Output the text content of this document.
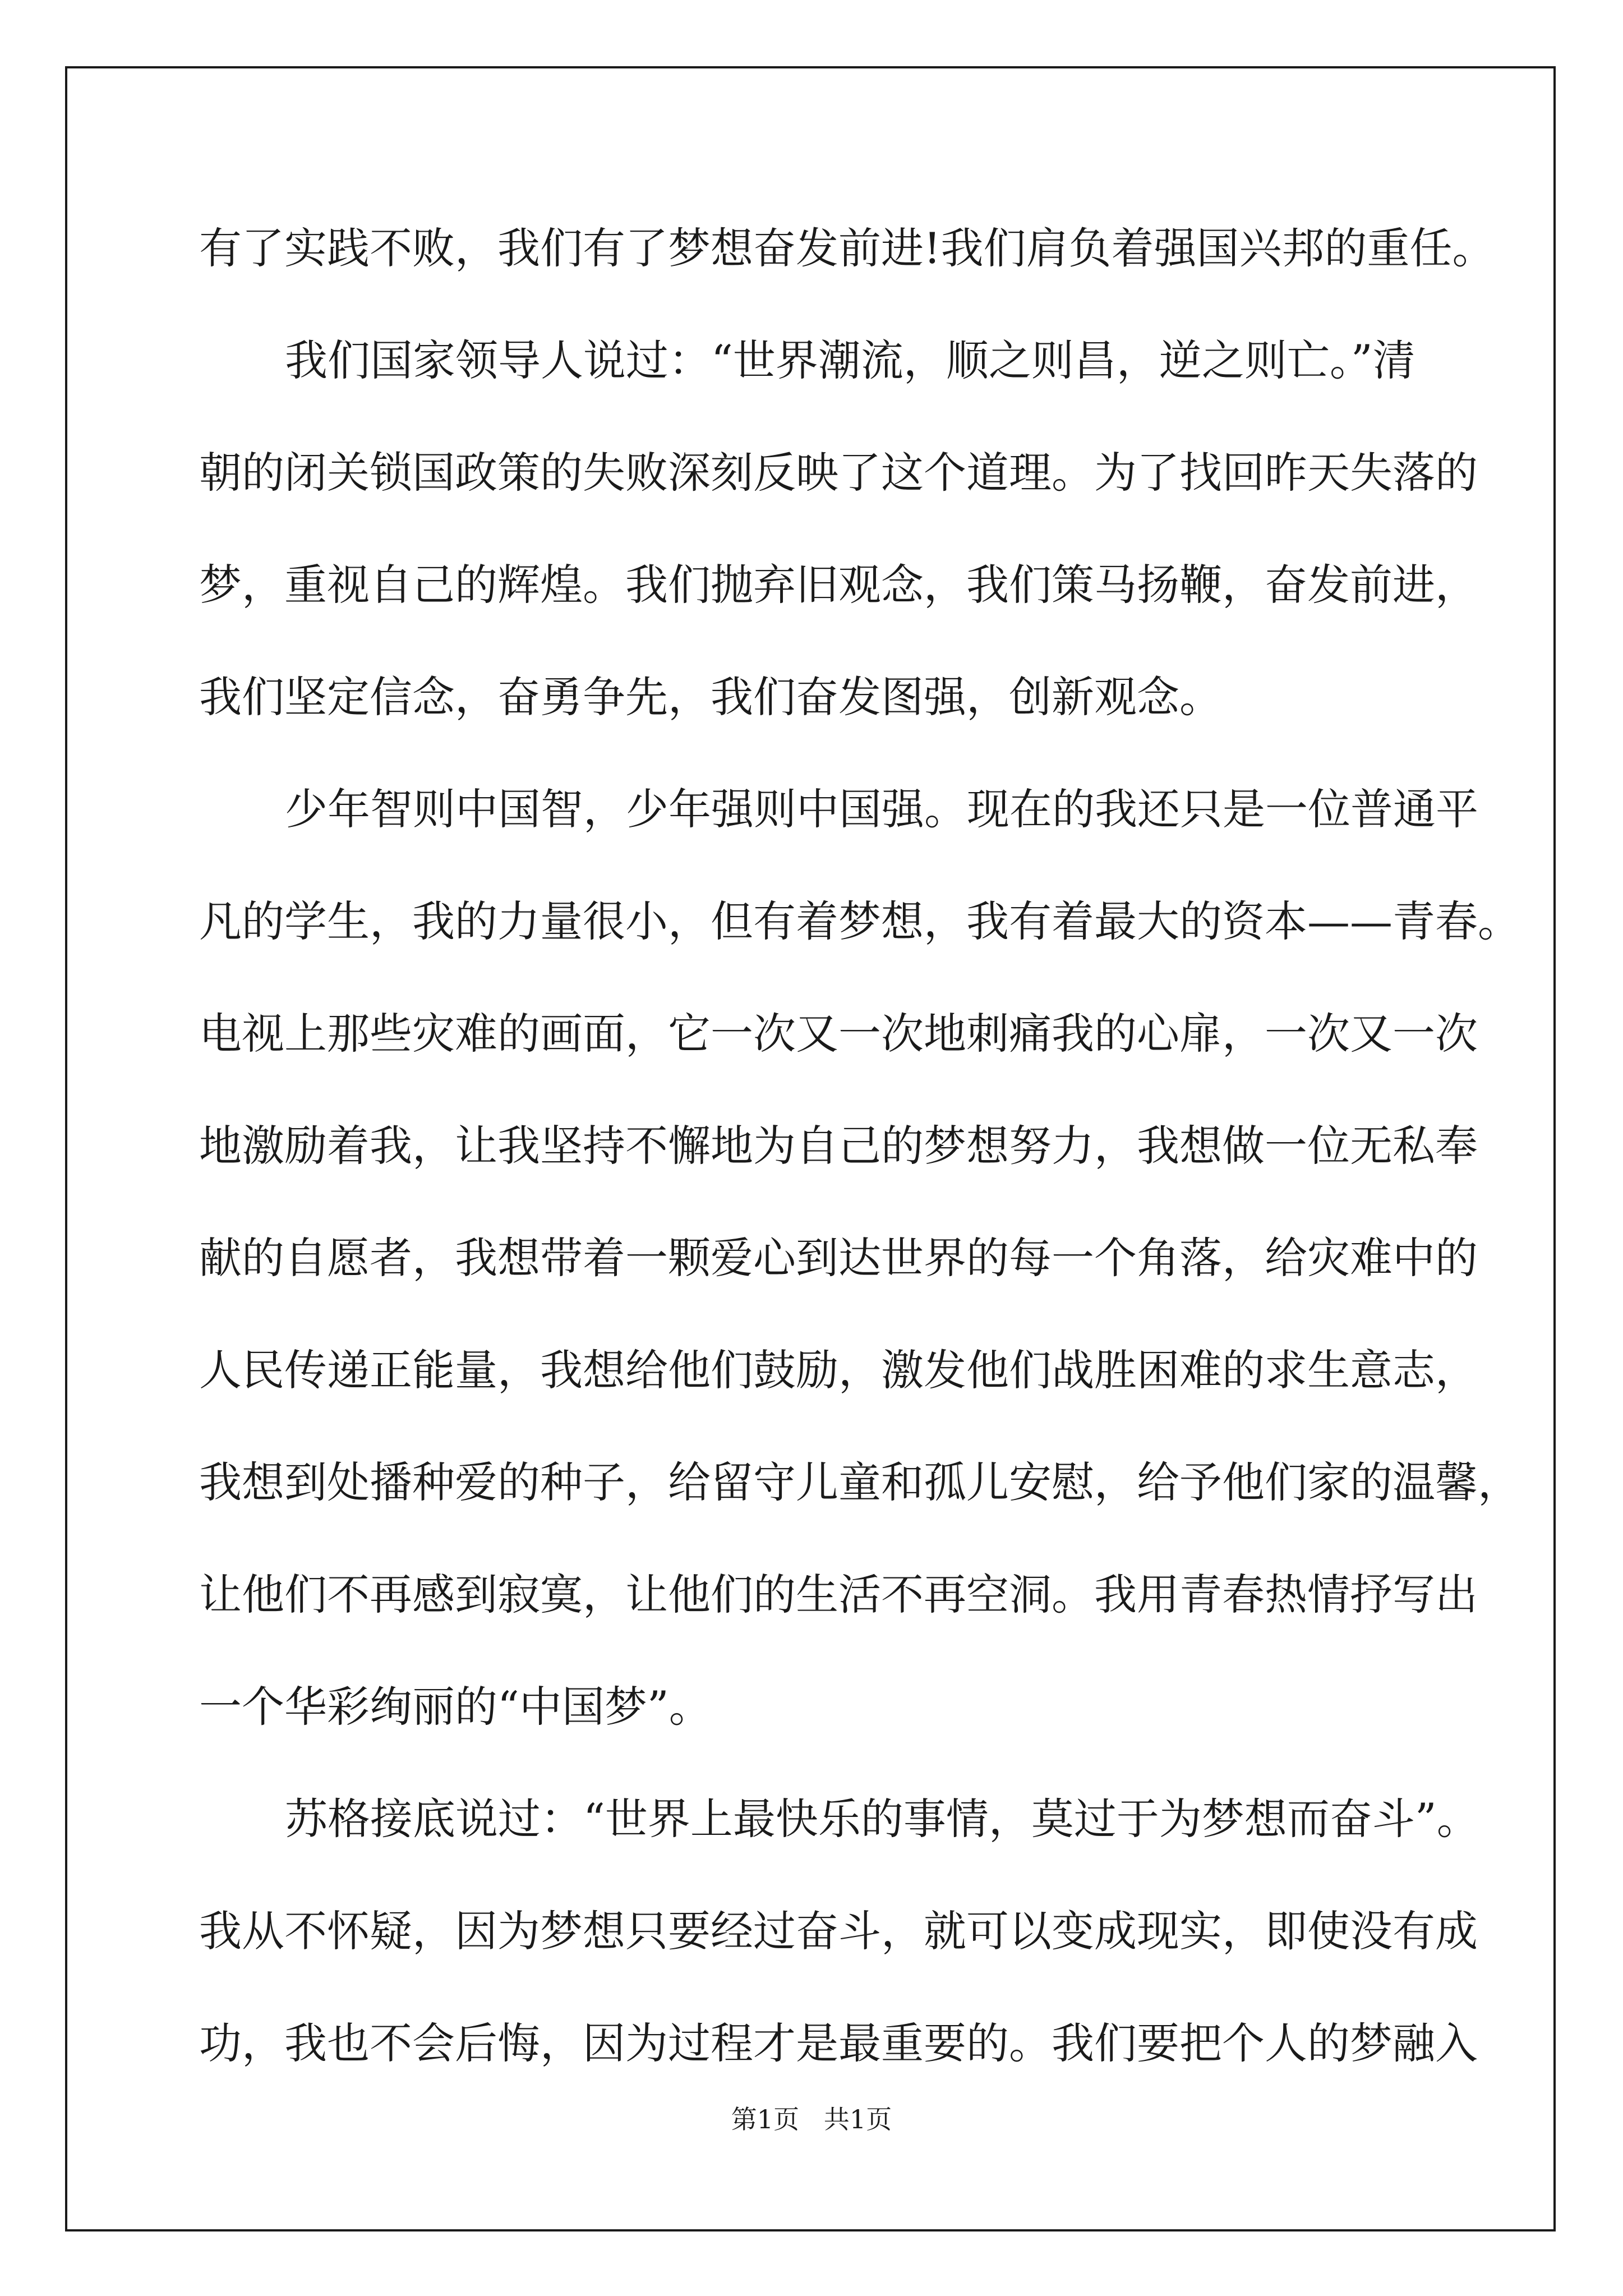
有了实践不败，我们有了梦想奋发前进!我们肩负着强国兴邦的重任。
我们国家领导人说过：“世界潮流，顺之则昌，逆之则亡。”清
朝的闭关锁国政策的失败深刻反映了这个道理。为了找回昨天失落的
梦，重视自己的辉煌。我们抛弃旧观念，我们策马扬鞭，奋发前进，
我们坚定信念，奋勇争先，我们奋发图强，创新观念。
少年智则中国智，少年强则中国强。现在的我还只是一位普通平
凡的学生，我的力量很小，但有着梦想，我有着最大的资本——青春。
电视上那些灾难的画面，它一次又一次地刺痛我的心扉，一次又一次
地激励着我，让我坚持不懈地为自己的梦想努力，我想做一位无私奉
献的自愿者，我想带着一颗爱心到达世界的每一个角落，给灾难中的
人民传递正能量，我想给他们鼓励，激发他们战胜困难的求生意志，
我想到处播种爱的种子，给留守儿童和孤儿安慰，给予他们家的温馨，
让他们不再感到寂寞，让他们的生活不再空洞。我用青春热情抒写出
一个华彩绚丽的“中国梦”。
苏格接底说过：“世界上最快乐的事情，莫过于为梦想而奋斗”。
我从不怀疑，因为梦想只要经过奋斗，就可以变成现实，即使没有成
功，我也不会后悔，因为过程才是最重要的。我们要把个人的梦融入
第1页   共1页
